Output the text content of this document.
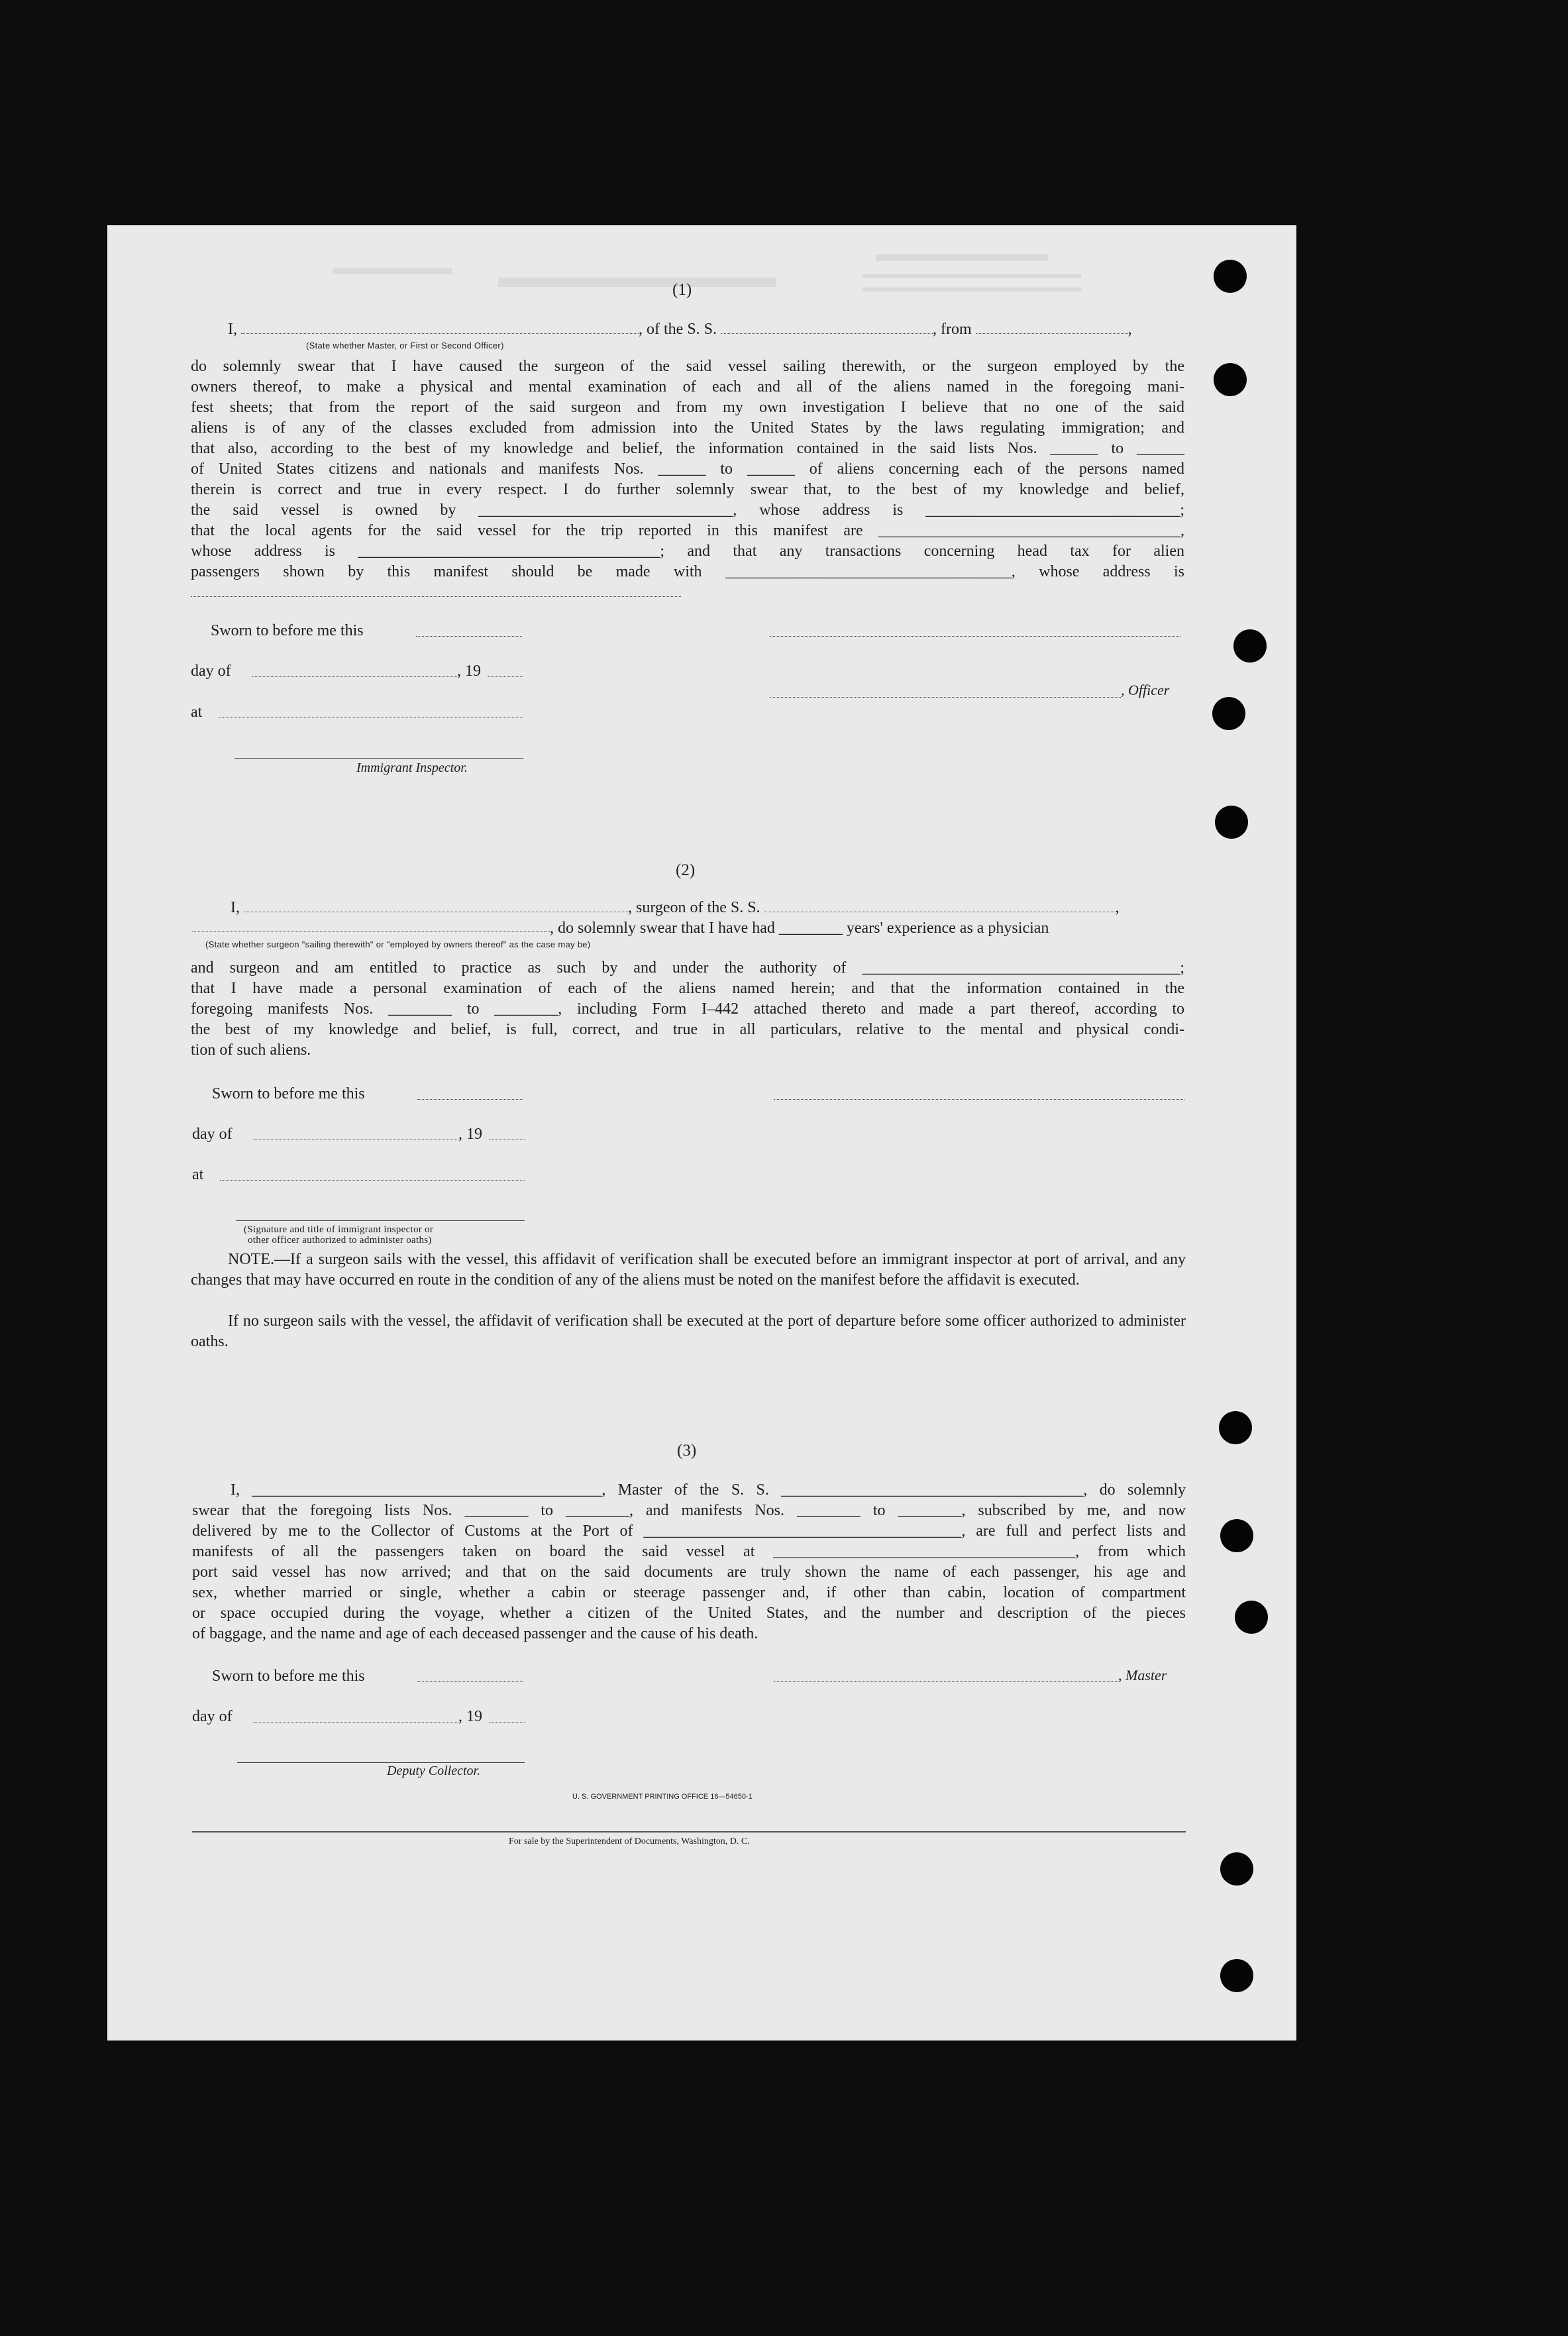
(1)
I,	, of the S. S.	, from	,
(State whether Master, or First or Second Officer)
do solemnly swear that I have caused the surgeon of the said vessel sailing therewith, or the surgeon employed by the
owners thereof, to make a physical and mental examination of each and all of the aliens named in the foregoing mani-
fest sheets; that from the report of the said surgeon and from my own investigation I believe that no one of the said
aliens is of any of the classes excluded from admission into the United States by the laws regulating immigration; and
that also, according to the best of my knowledge and belief, the information contained in the said lists Nos. ______ to ______
of United States citizens and nationals and manifests Nos. ______ to ______ of aliens concerning each of the persons named
therein is correct and true in every respect. I do further solemnly swear that, to the best of my knowledge and belief,
the said vessel is owned by ________________________________, whose address is ________________________________;
that the local agents for the said vessel for the trip reported in this manifest are ______________________________________,
whose address is ______________________________________; and that any transactions concerning head tax for alien
passengers shown by this manifest should be made with ____________________________________, whose address is
Sworn to before me this
day of	, 19
, Officer
at
Immigrant Inspector.
(2)
I,	, surgeon of the S. S.	,
, do solemnly swear that I have had ________ years' experience as a physician
(State whether surgeon "sailing therewith" or "employed by owners thereof" as the case may be)
and surgeon and am entitled to practice as such by and under the authority of ________________________________________;
that I have made a personal examination of each of the aliens named herein; and that the information contained in the
foregoing manifests Nos. ________ to ________, including Form I–442 attached thereto and made a part thereof, according to
the best of my knowledge and belief, is full, correct, and true in all particulars, relative to the mental and physical condi-
tion of such aliens.
Sworn to before me this
day of	, 19
at
(Signature and title of immigrant inspector or
other officer authorized to administer oaths)
NOTE.—If a surgeon sails with the vessel, this affidavit of verification shall be executed before an immigrant inspector at port of arrival, and any changes that may have occurred en route in the condition of any of the aliens must be noted on the manifest before the affidavit is executed.
If no surgeon sails with the vessel, the affidavit of verification shall be executed at the port of departure before some officer authorized to administer oaths.
(3)
I, ____________________________________________, Master of the S. S. ______________________________________, do solemnly
swear that the foregoing lists Nos. ________ to ________, and manifests Nos. ________ to ________, subscribed by me, and now
delivered by me to the Collector of Customs at the Port of ________________________________________, are full and perfect lists and
manifests of all the passengers taken on board the said vessel at ______________________________________, from which
port said vessel has now arrived; and that on the said documents are truly shown the name of each passenger, his age and
sex, whether married or single, whether a cabin or steerage passenger and, if other than cabin, location of compartment
or space occupied during the voyage, whether a citizen of the United States, and the number and description of the pieces
of baggage, and the name and age of each deceased passenger and the cause of his death.
Sworn to before me this	, Master
day of	, 19
Deputy Collector.
U. S. GOVERNMENT PRINTING OFFICE 16—54650-1
For sale by the Superintendent of Documents, Washington, D. C.
